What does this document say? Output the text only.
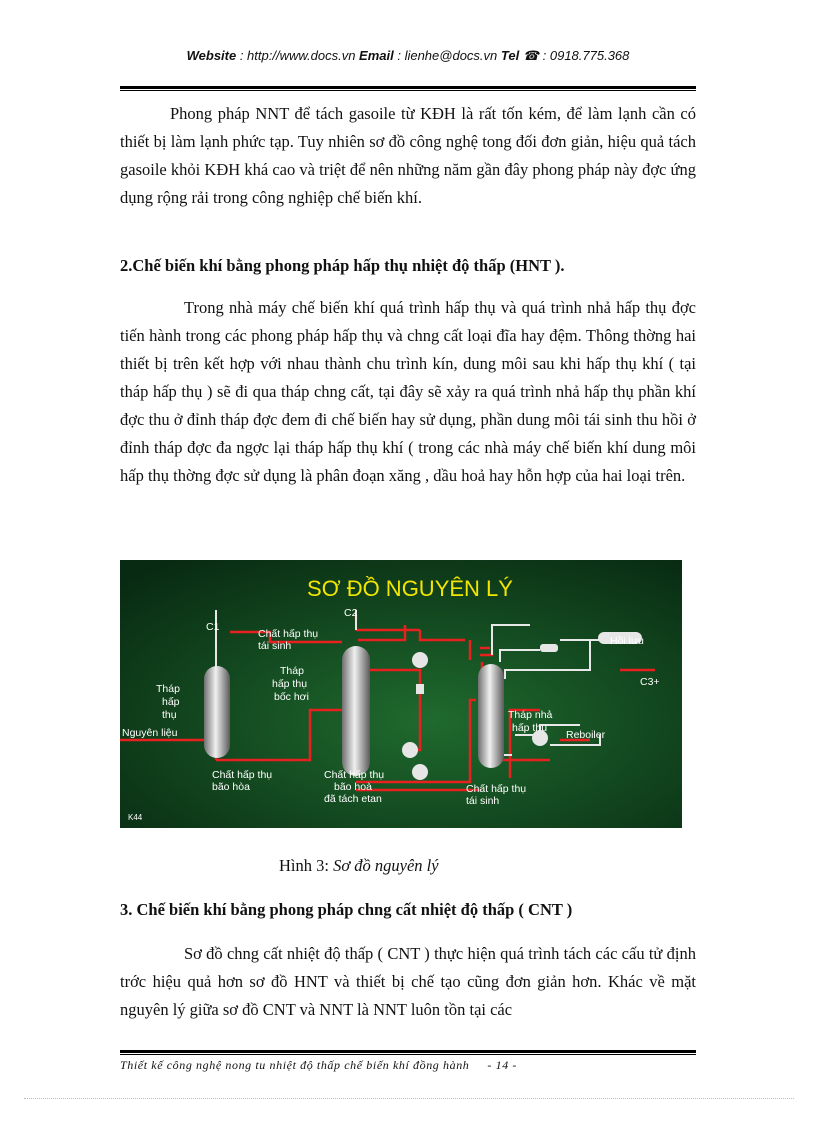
Website : http://www.docs.vn Email : lienhe@docs.vn Tel ☎ : 0918.775.368

Phong pháp NNT để tách gasoile từ KĐH là rất tốn kém, để làm lạnh cần có thiết bị làm lạnh phức tạp. Tuy nhiên sơ đồ công nghệ tong đối đơn giản, hiệu quả tách gasoile khỏi KĐH khá cao và triệt để nên những năm gần đây phong pháp này đợc ứng dụng rộng rải trong công nghiệp chế biến khí.

2.Chế biến khí bằng phong pháp hấp thụ nhiệt độ thấp (HNT ).

Trong nhà máy chế biến khí quá trình hấp thụ và quá trình nhả hấp thụ đợc tiến hành trong các phong pháp hấp thụ và chng cất loại đĩa hay đệm. Thông thờng hai thiết bị trên kết hợp với nhau thành chu trình kín, dung môi sau khi hấp thụ khí ( tại tháp hấp thụ ) sẽ đi qua tháp chng cất, tại đây sẽ xảy ra quá trình nhả hấp thụ phần khí đợc thu ở đỉnh tháp đợc đem đi chế biến hay sử dụng, phần dung môi tái sinh thu hồi ở đỉnh tháp đợc đa ngợc lại tháp hấp thụ khí ( trong các nhà máy chế biến khí dung môi hấp thụ thờng đợc sử dụng là phân đoạn xăng , dầu hoả hay hỗn hợp của hai loại trên.

SƠ ĐỒ NGUYÊN LÝ
C1
C2
C3+
Tháp
hấp
thụ
Nguyên liệu
Chất hấp thụ
tái sinh
Tháp
hấp thụ
bốc hơi
Hồi lưu
Tháp nhả
hấp thụ
Reboiler
Chất hấp thụ
bão hòa
Chất hấp thụ
bão hoà
đã tách etan
Chất hấp thụ
tái sinh
K44
Hình 3: Sơ đồ nguyên lý

3. Chế biến khí bằng phong pháp chng cất nhiệt độ thấp ( CNT )

Sơ đồ chng cất nhiệt độ thấp ( CNT ) thực hiện quá trình tách các cấu tử định trớc hiệu quả hơn sơ đồ HNT và thiết bị chế tạo cũng đơn giản hơn. Khác về mặt nguyên lý giữa sơ đồ CNT và NNT là NNT luôn tồn tại các

Thiết kế công nghệ nong tu nhiệt độ thấp chế biến khí đồng hành - 14 -
